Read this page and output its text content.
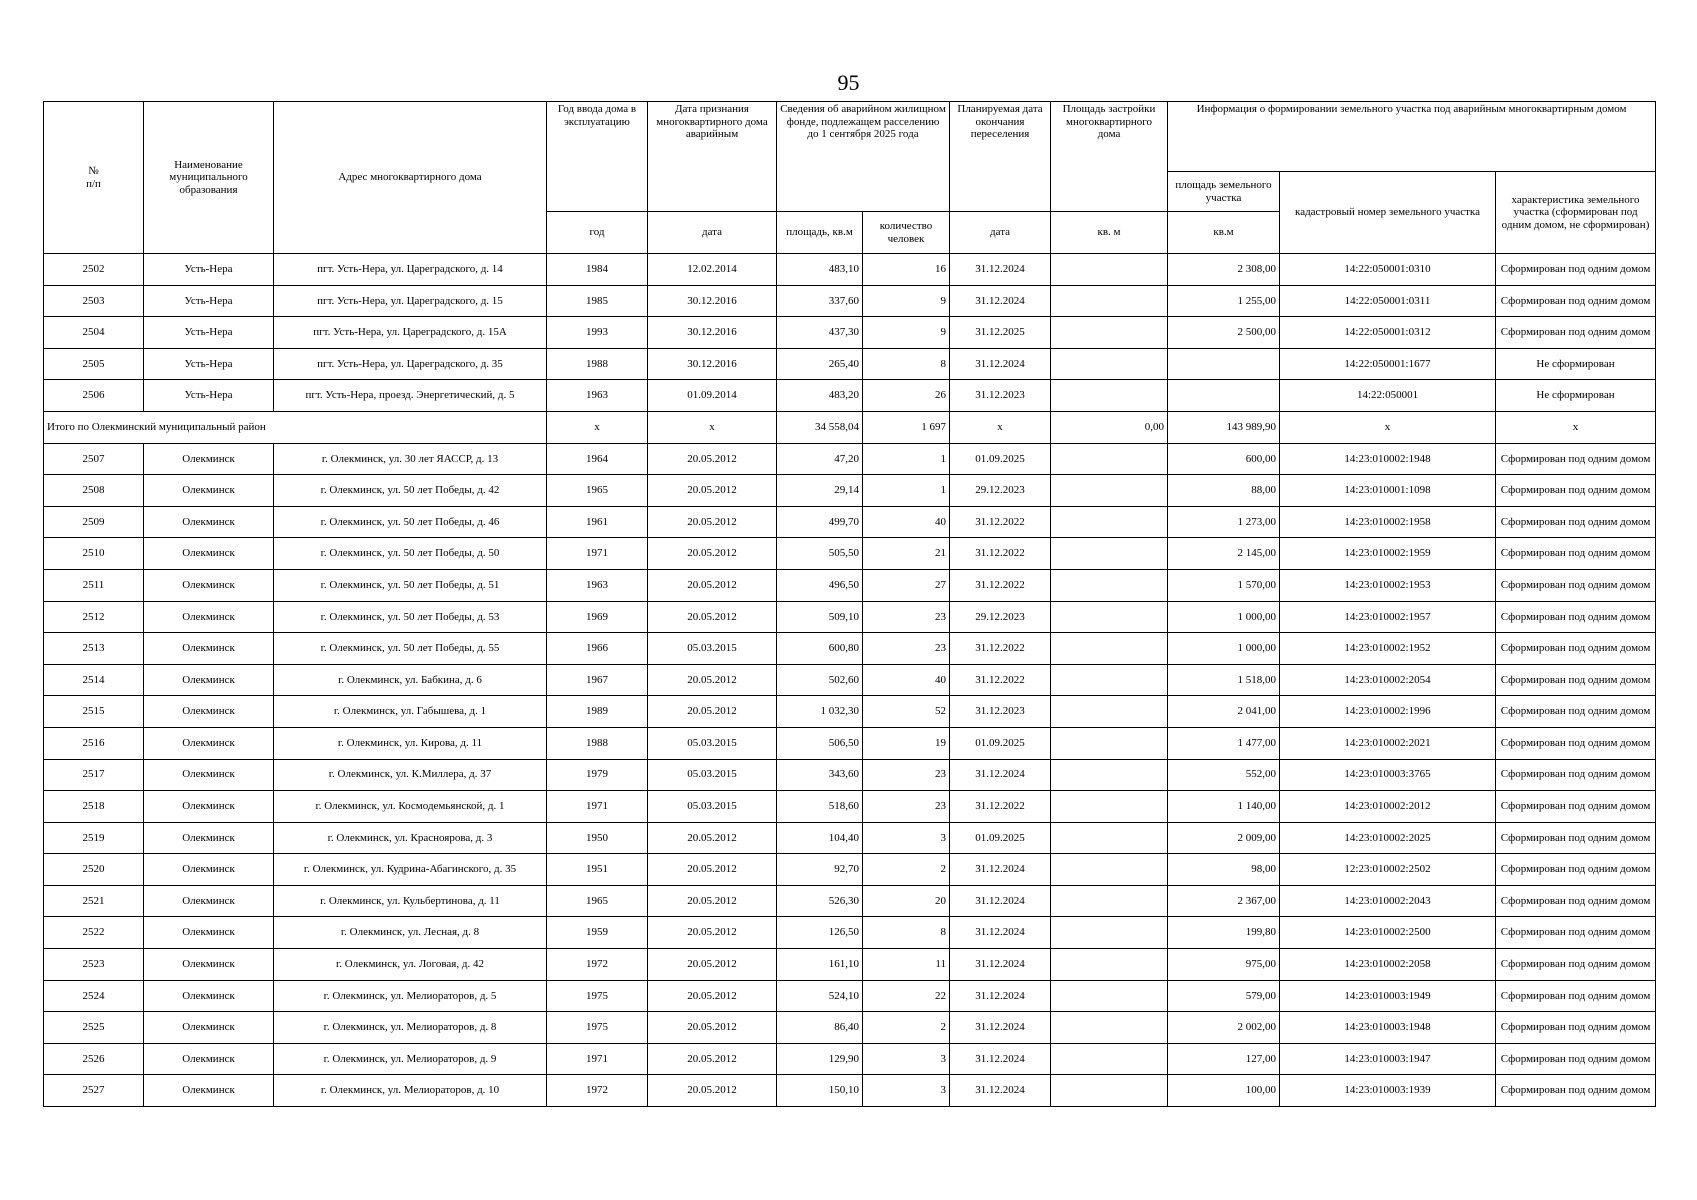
95
№
п/п	Наименование муниципального образования	Адрес многоквартирного дома	Год ввода дома в эксплуатацию	Дата признания многоквартирного дома аварийным	Сведения об аварийном жилищном фонде, подлежащем расселению до 1 сентября 2025 года		Планируемая дата окончания переселения	Площадь застройки многоквартирного дома	Информация о формировании земельного участка под аварийным многоквартирным домом		
									площадь земельного участка	кадастровый номер земельного участка	характеристика земельного участка (сформирован под одним домом, не сформирован)
			год	дата	площадь, кв.м	количество человек	дата	кв. м	кв.м		
2502	Усть-Нера	пгт. Усть-Нера, ул. Цареградского, д. 14	1984	12.02.2014	483,10	16	31.12.2024		2 308,00	14:22:050001:0310	Сформирован под одним домом
2503	Усть-Нера	пгт. Усть-Нера, ул. Цареградского, д. 15	1985	30.12.2016	337,60	9	31.12.2024		1 255,00	14:22:050001:0311	Сформирован под одним домом
2504	Усть-Нера	пгт. Усть-Нера, ул. Цареградского, д. 15А	1993	30.12.2016	437,30	9	31.12.2025		2 500,00	14:22:050001:0312	Сформирован под одним домом
2505	Усть-Нера	пгт. Усть-Нера, ул. Цареградского, д. 35	1988	30.12.2016	265,40	8	31.12.2024			14:22:050001:1677	Не сформирован
2506	Усть-Нера	пгт. Усть-Нера, проезд. Энергетический, д. 5	1963	01.09.2014	483,20	26	31.12.2023			14:22:050001	Не сформирован
Итого по Олекминский муниципальный район			x	x	34 558,04	1 697	x	0,00	143 989,90	x	x
2507	Олекминск	г. Олекминск, ул. 30 лет ЯАССР, д. 13	1964	20.05.2012	47,20	1	01.09.2025		600,00	14:23:010002:1948	Сформирован под одним домом
2508	Олекминск	г. Олекминск, ул. 50 лет Победы, д. 42	1965	20.05.2012	29,14	1	29.12.2023		88,00	14:23:010001:1098	Сформирован под одним домом
2509	Олекминск	г. Олекминск, ул. 50 лет Победы, д. 46	1961	20.05.2012	499,70	40	31.12.2022		1 273,00	14:23:010002:1958	Сформирован под одним домом
2510	Олекминск	г. Олекминск, ул. 50 лет Победы, д. 50	1971	20.05.2012	505,50	21	31.12.2022		2 145,00	14:23:010002:1959	Сформирован под одним домом
2511	Олекминск	г. Олекминск, ул. 50 лет Победы, д. 51	1963	20.05.2012	496,50	27	31.12.2022		1 570,00	14:23:010002:1953	Сформирован под одним домом
2512	Олекминск	г. Олекминск, ул. 50 лет Победы, д. 53	1969	20.05.2012	509,10	23	29.12.2023		1 000,00	14:23:010002:1957	Сформирован под одним домом
2513	Олекминск	г. Олекминск, ул. 50 лет Победы, д. 55	1966	05.03.2015	600,80	23	31.12.2022		1 000,00	14:23:010002:1952	Сформирован под одним домом
2514	Олекминск	г. Олекминск, ул. Бабкина, д. 6	1967	20.05.2012	502,60	40	31.12.2022		1 518,00	14:23:010002:2054	Сформирован под одним домом
2515	Олекминск	г. Олекминск, ул. Габышева, д. 1	1989	20.05.2012	1 032,30	52	31.12.2023		2 041,00	14:23:010002:1996	Сформирован под одним домом
2516	Олекминск	г. Олекминск, ул. Кирова, д. 11	1988	05.03.2015	506,50	19	01.09.2025		1 477,00	14:23:010002:2021	Сформирован под одним домом
2517	Олекминск	г. Олекминск, ул. К.Миллера, д. 37	1979	05.03.2015	343,60	23	31.12.2024		552,00	14:23:010003:3765	Сформирован под одним домом
2518	Олекминск	г. Олекминск, ул. Космодемьянской, д. 1	1971	05.03.2015	518,60	23	31.12.2022		1 140,00	14:23:010002:2012	Сформирован под одним домом
2519	Олекминск	г. Олекминск, ул. Красноярова, д. 3	1950	20.05.2012	104,40	3	01.09.2025		2 009,00	14:23:010002:2025	Сформирован под одним домом
2520	Олекминск	г. Олекминск, ул. Кудрина-Абагинского, д. 35	1951	20.05.2012	92,70	2	31.12.2024		98,00	12:23:010002:2502	Сформирован под одним домом
2521	Олекминск	г. Олекминск, ул. Кульбертинова, д. 11	1965	20.05.2012	526,30	20	31.12.2024		2 367,00	14:23:010002:2043	Сформирован под одним домом
2522	Олекминск	г. Олекминск, ул. Лесная, д. 8	1959	20.05.2012	126,50	8	31.12.2024		199,80	14:23:010002:2500	Сформирован под одним домом
2523	Олекминск	г. Олекминск, ул. Логовая, д. 42	1972	20.05.2012	161,10	11	31.12.2024		975,00	14:23:010002:2058	Сформирован под одним домом
2524	Олекминск	г. Олекминск, ул. Мелиораторов, д. 5	1975	20.05.2012	524,10	22	31.12.2024		579,00	14:23:010003:1949	Сформирован под одним домом
2525	Олекминск	г. Олекминск, ул. Мелиораторов, д. 8	1975	20.05.2012	86,40	2	31.12.2024		2 002,00	14:23:010003:1948	Сформирован под одним домом
2526	Олекминск	г. Олекминск, ул. Мелиораторов, д. 9	1971	20.05.2012	129,90	3	31.12.2024		127,00	14:23:010003:1947	Сформирован под одним домом
2527	Олекминск	г. Олекминск, ул. Мелиораторов, д. 10	1972	20.05.2012	150,10	3	31.12.2024		100,00	14:23:010003:1939	Сформирован под одним домом
